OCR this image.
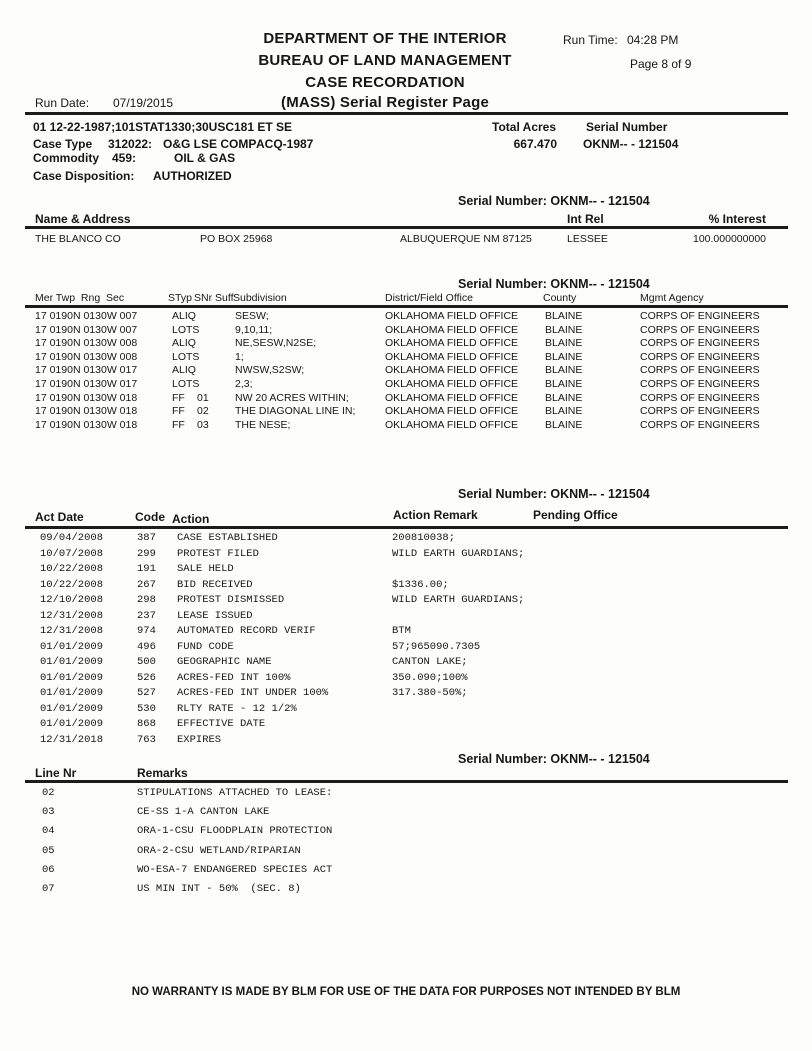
DEPARTMENT OF THE INTERIOR
BUREAU OF LAND MANAGEMENT
CASE RECORDATION
(MASS) Serial Register Page
Run Time: 04:28 PM
Page 8 of 9
Run Date: 07/19/2015
01 12-22-1987;101STAT1330;30USC181 ET SE	Total Acres Serial Number
Case Type 312022: O&G LSE COMP ACQ-1987	667.470 OKNM-- - 121504
Commodity 459:	OIL & GAS
Case Disposition: AUTHORIZED
Serial Number: OKNM-- - 121504
Name & Address	Int Rel	% Interest
THE BLANCO CO	PO BOX 25968	ALBUQUERQUE NM 87125	LESSEE	100.000000000
Serial Number: OKNM-- - 121504
Mer Twp  Rng  Sec	STyp SNr Suff Subdivision	District/Field Office	County	Mgmt Agency
17 0190N 0130W 007	ALIQ	SESW;	OKLAHOMA FIELD OFFICE	BLAINE	CORPS OF ENGINEERS
17 0190N 0130W 007	LOTS	9,10,11;	OKLAHOMA FIELD OFFICE	BLAINE	CORPS OF ENGINEERS
17 0190N 0130W 008	ALIQ	NE,SESW,N2SE;	OKLAHOMA FIELD OFFICE	BLAINE	CORPS OF ENGINEERS
17 0190N 0130W 008	LOTS	1;	OKLAHOMA FIELD OFFICE	BLAINE	CORPS OF ENGINEERS
17 0190N 0130W 017	ALIQ	NWSW,S2SW;	OKLAHOMA FIELD OFFICE	BLAINE	CORPS OF ENGINEERS
17 0190N 0130W 017	LOTS	2,3;	OKLAHOMA FIELD OFFICE	BLAINE	CORPS OF ENGINEERS
17 0190N 0130W 018	FF 01	NW 20 ACRES WITHIN;	OKLAHOMA FIELD OFFICE	BLAINE	CORPS OF ENGINEERS
17 0190N 0130W 018	FF 02	THE DIAGONAL LINE IN;	OKLAHOMA FIELD OFFICE	BLAINE	CORPS OF ENGINEERS
17 0190N 0130W 018	FF 03	THE NESE;	OKLAHOMA FIELD OFFICE	BLAINE	CORPS OF ENGINEERS
Serial Number: OKNM-- - 121504
Act Date	Code Action	Action Remark	Pending Office
09/04/2008	387 CASE ESTABLISHED	200810038;
10/07/2008	299 PROTEST FILED	WILD EARTH GUARDIANS;
10/22/2008	191 SALE HELD
10/22/2008	267 BID RECEIVED	$1336.00;
12/10/2008	298 PROTEST DISMISSED	WILD EARTH GUARDIANS;
12/31/2008	237 LEASE ISSUED
12/31/2008	974 AUTOMATED RECORD VERIF	BTM
01/01/2009	496 FUND CODE	57;965090.7305
01/01/2009	500 GEOGRAPHIC NAME	CANTON LAKE;
01/01/2009	526 ACRES-FED INT 100%	350.090;100%
01/01/2009	527 ACRES-FED INT UNDER 100%	317.380-50%;
01/01/2009	530 RLTY RATE - 12 1/2%
01/01/2009	868 EFFECTIVE DATE
12/31/2018	763 EXPIRES
Serial Number: OKNM-- - 121504
Line Nr	Remarks
02	STIPULATIONS ATTACHED TO LEASE:
03	CE-SS 1-A CANTON LAKE
04	ORA-1-CSU FLOODPLAIN PROTECTION
05	ORA-2-CSU WETLAND/RIPARIAN
06	WO-ESA-7 ENDANGERED SPECIES ACT
07	US MIN INT - 50%  (SEC. 8)
NO WARRANTY IS MADE BY BLM FOR USE OF THE DATA FOR PURPOSES NOT INTENDED BY BLM
